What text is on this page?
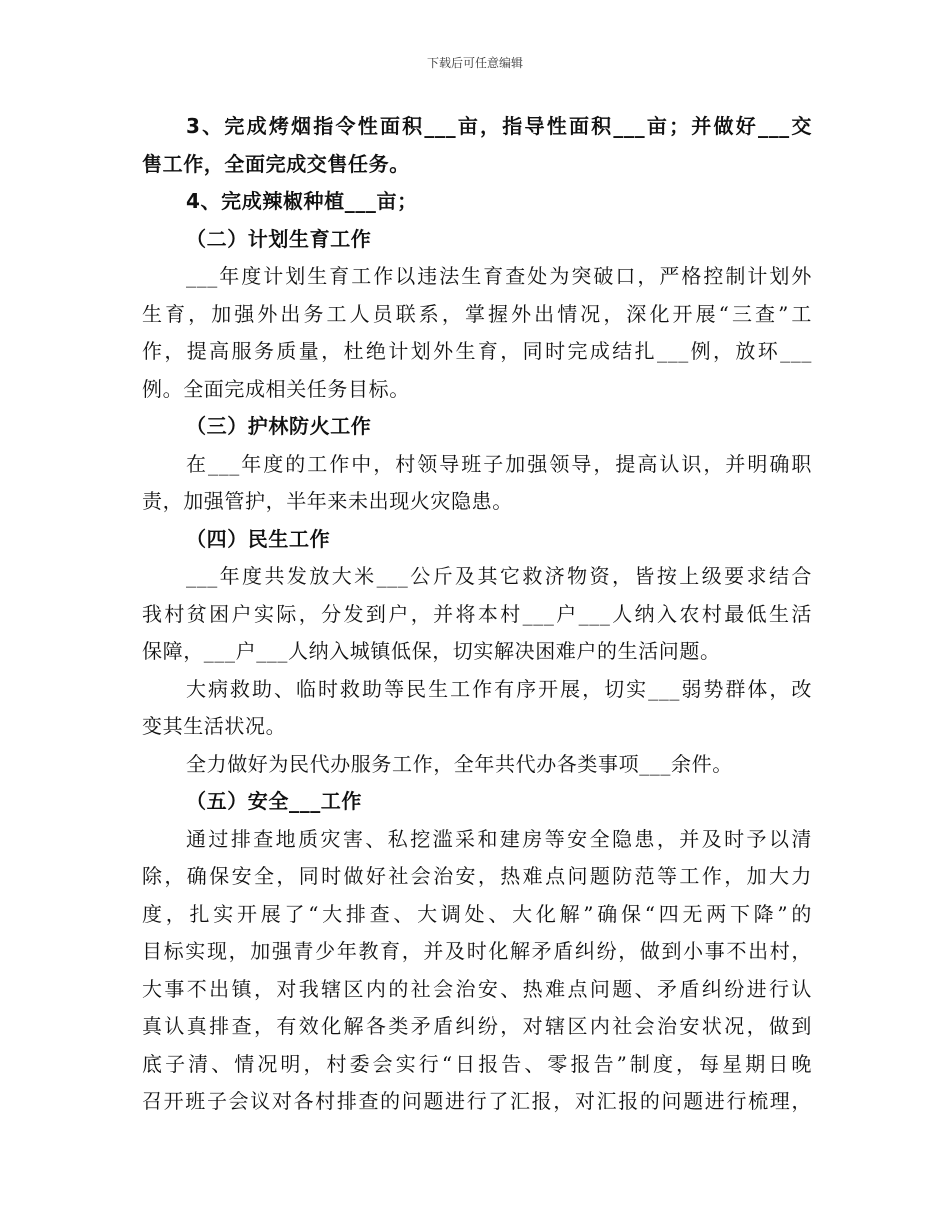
下载后可任意编辑
3、完成烤烟指令性面积___亩，指导性面积___亩；并做好___交
售工作，全面完成交售任务。
4、完成辣椒种植___亩；
（二）计划生育工作
___年度计划生育工作以违法生育查处为突破口，严格控制计划外
生育，加强外出务工人员联系，掌握外出情况，深化开展“三查”工
作，提高服务质量，杜绝计划外生育，同时完成结扎___例，放环___
例。全面完成相关任务目标。
（三）护林防火工作
在___年度的工作中，村领导班子加强领导，提高认识，并明确职
责，加强管护，半年来未出现火灾隐患。
（四）民生工作
___年度共发放大米___公斤及其它救济物资，皆按上级要求结合
我村贫困户实际，分发到户，并将本村___户___人纳入农村最低生活
保障，___户___人纳入城镇低保，切实解决困难户的生活问题。
大病救助、临时救助等民生工作有序开展，切实___弱势群体，改
变其生活状况。
全力做好为民代办服务工作，全年共代办各类事项___余件。
（五）安全___工作
通过排查地质灾害、私挖滥采和建房等安全隐患，并及时予以清
除，确保安全，同时做好社会治安，热难点问题防范等工作，加大力
度，扎实开展了“大排查、大调处、大化解”确保“四无两下降”的
目标实现，加强青少年教育，并及时化解矛盾纠纷，做到小事不出村，
大事不出镇，对我辖区内的社会治安、热难点问题、矛盾纠纷进行认
真认真排查，有效化解各类矛盾纠纷，对辖区内社会治安状况，做到
底子清、情况明，村委会实行“日报告、零报告”制度，每星期日晚
召开班子会议对各村排查的问题进行了汇报，对汇报的问题进行梳理，
